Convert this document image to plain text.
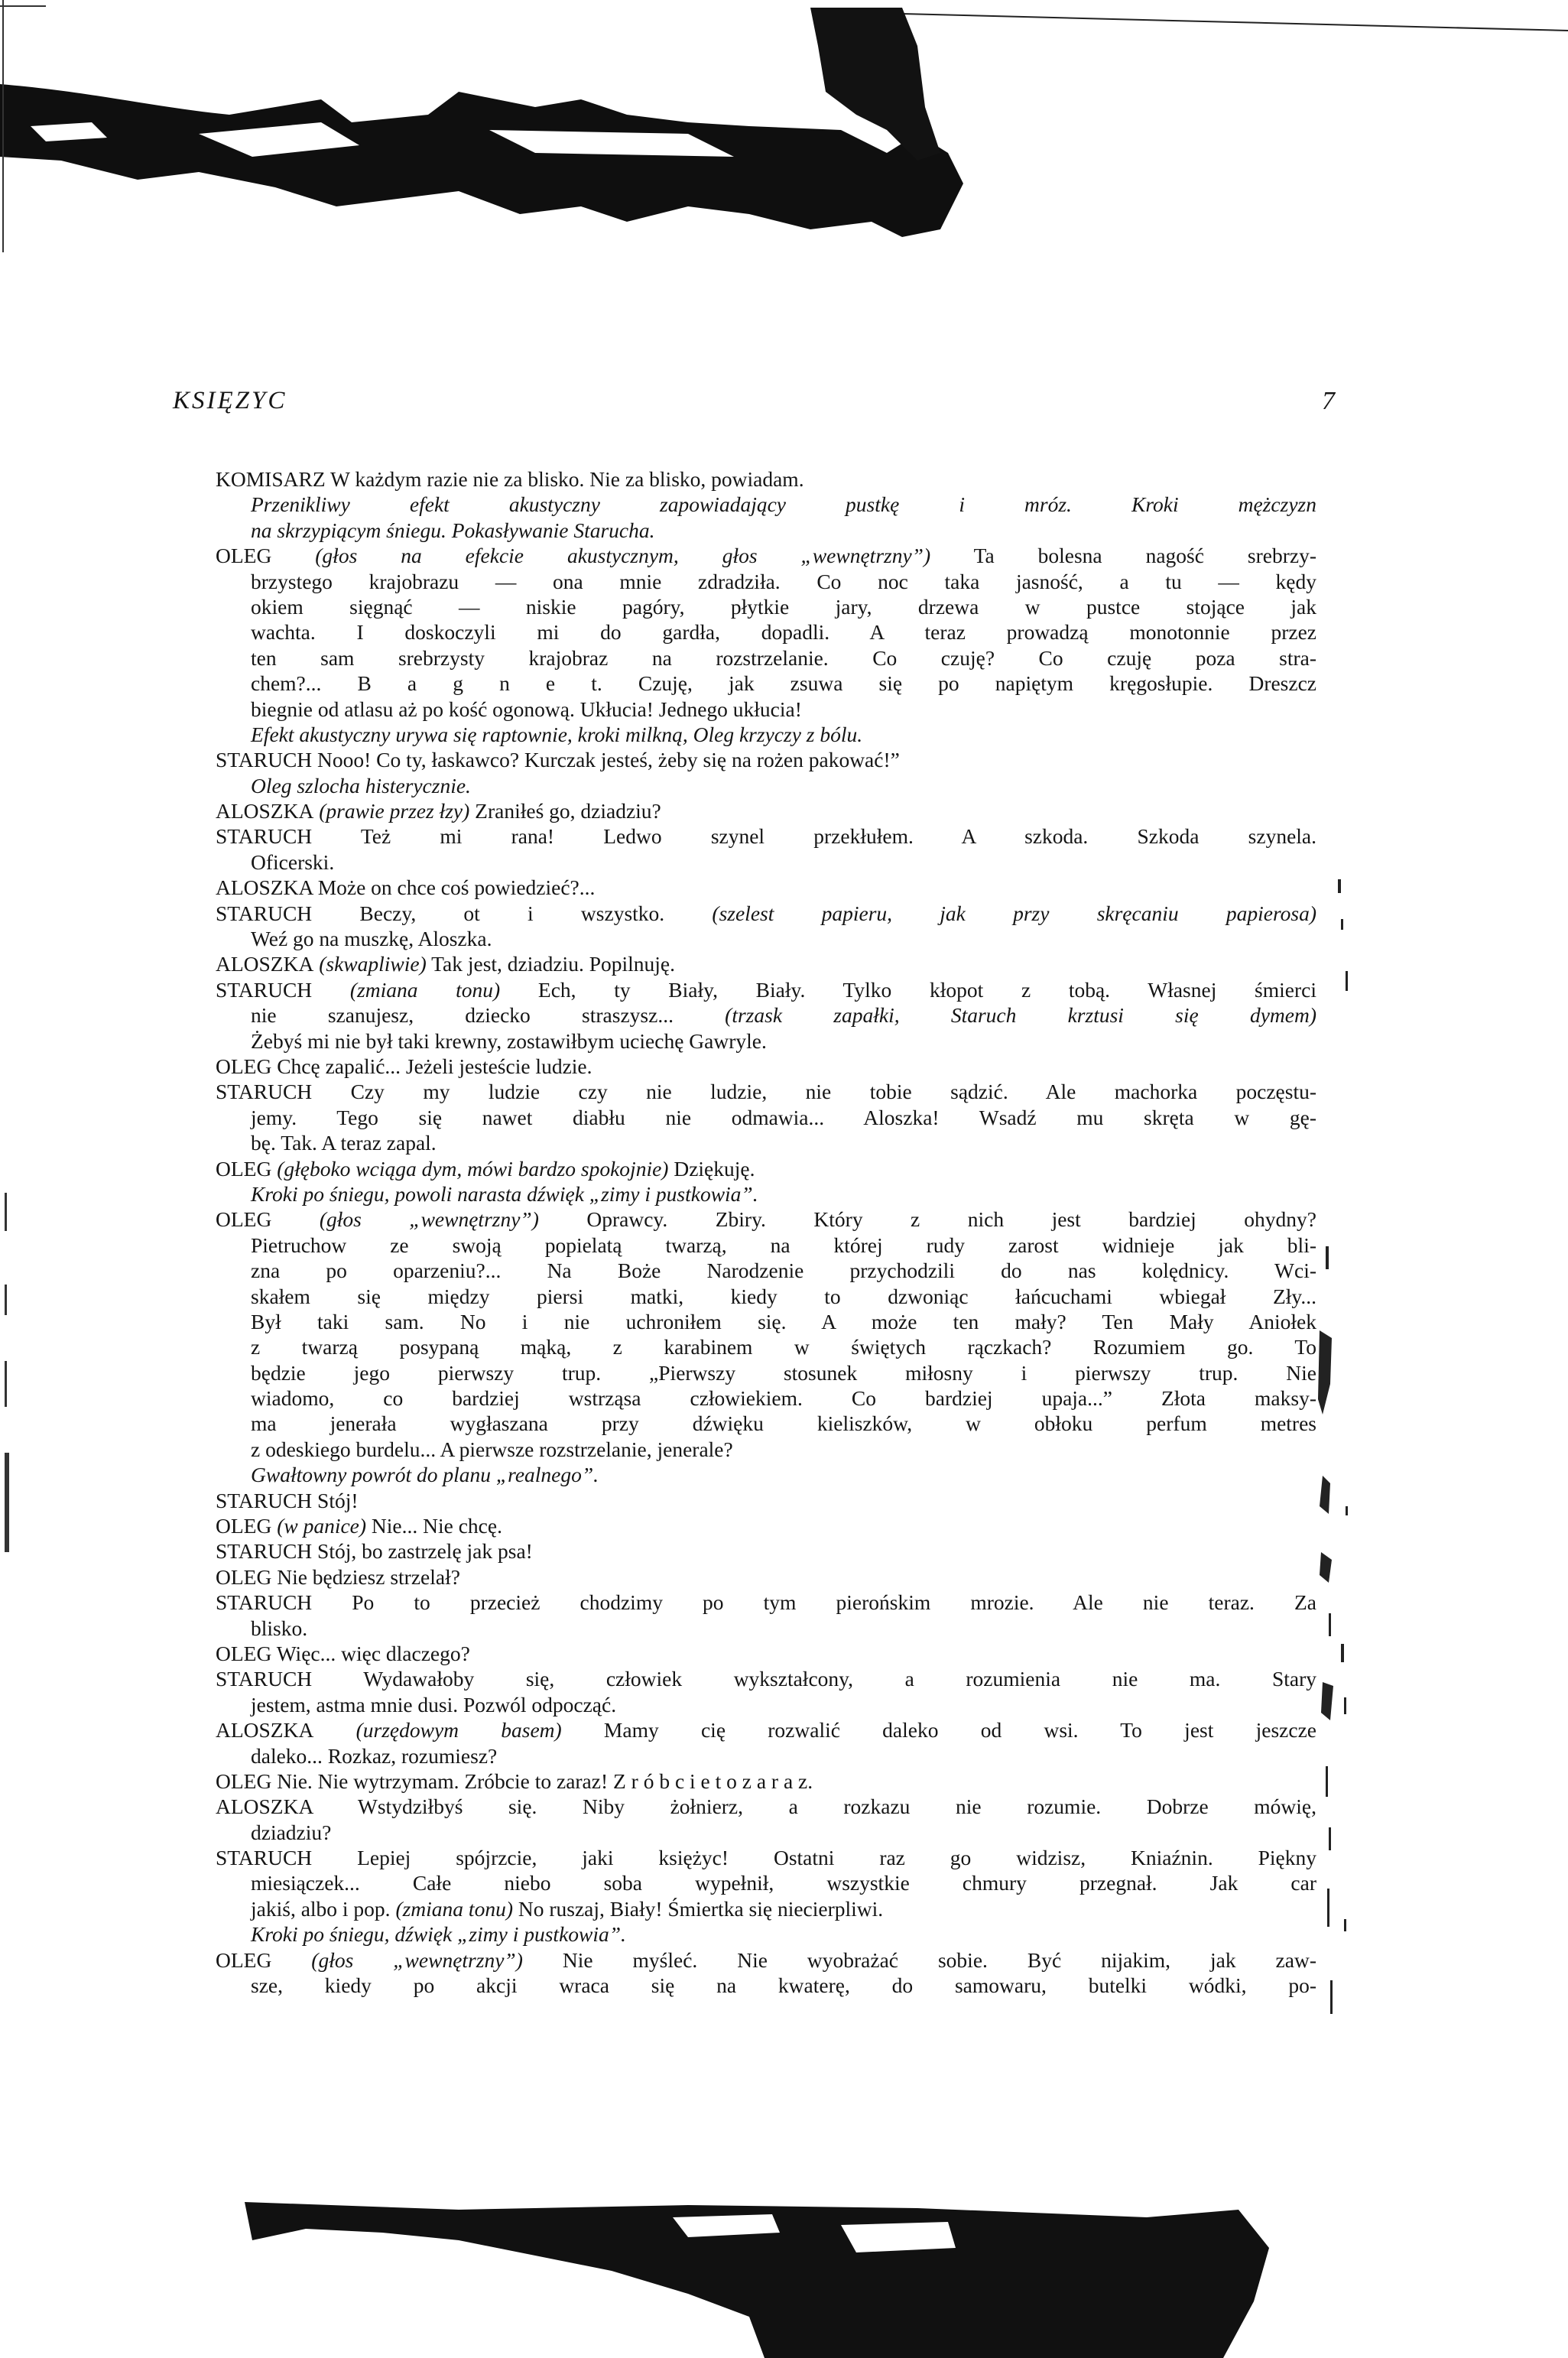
KSIĘZYC	7
KOMISARZ W każdym razie nie za blisko. Nie za blisko, powiadam.
Przenikliwy efekt akustyczny zapowiadający pustkę i mróz. Kroki mężczyzn
na skrzypiącym śniegu. Pokasływanie Starucha.
OLEG (głos na efekcie akustycznym, głos „wewnętrzny”) Ta bolesna nagość srebrzy-
brzystego krajobrazu — ona mnie zdradziła. Co noc taka jasność, a tu — kędy
okiem sięgnąć — niskie pagóry, płytkie jary, drzewa w pustce stojące jak
wachta. I doskoczyli mi do gardła, dopadli. A teraz prowadzą monotonnie przez
ten sam srebrzysty krajobraz na rozstrzelanie. Co czuję? Co czuję poza stra-
chem?... B a g n e t. Czuję, jak zsuwa się po napiętym kręgosłupie. Dreszcz
biegnie od atlasu aż po kość ogonową. Ukłucia! Jednego ukłucia!
Efekt akustyczny urywa się raptownie, kroki milkną, Oleg krzyczy z bólu.
STARUCH Nooo! Co ty, łaskawco? Kurczak jesteś, żeby się na rożen pakować!”
Oleg szlocha histerycznie.
ALOSZKA (prawie przez łzy) Zraniłeś go, dziadziu?
STARUCH Też mi rana! Ledwo szynel przekłułem. A szkoda. Szkoda szynela.
Oficerski.
ALOSZKA Może on chce coś powiedzieć?...
STARUCH Beczy, ot i wszystko. (szelest papieru, jak przy skręcaniu papierosa)
Weź go na muszkę, Aloszka.
ALOSZKA (skwapliwie) Tak jest, dziadziu. Popilnuję.
STARUCH (zmiana tonu) Ech, ty Biały, Biały. Tylko kłopot z tobą. Własnej śmierci
nie szanujesz, dziecko straszysz... (trzask zapałki, Staruch krztusi się dymem)
Żebyś mi nie był taki krewny, zostawiłbym uciechę Gawryle.
OLEG Chcę zapalić... Jeżeli jesteście ludzie.
STARUCH Czy my ludzie czy nie ludzie, nie tobie sądzić. Ale machorka poczęstu-
jemy. Tego się nawet diabłu nie odmawia... Aloszka! Wsadź mu skręta w gę-
bę. Tak. A teraz zapal.
OLEG (głęboko wciąga dym, mówi bardzo spokojnie) Dziękuję.
Kroki po śniegu, powoli narasta dźwięk „zimy i pustkowia”.
OLEG (głos „wewnętrzny”) Oprawcy. Zbiry. Który z nich jest bardziej ohydny?
Pietruchow ze swoją popielatą twarzą, na której rudy zarost widnieje jak bli-
zna po oparzeniu?... Na Boże Narodzenie przychodzili do nas kolędnicy. Wci-
skałem się między piersi matki, kiedy to dzwoniąc łańcuchami wbiegał Zły...
Był taki sam. No i nie uchroniłem się. A może ten mały? Ten Mały Aniołek
z twarzą posypaną mąką, z karabinem w świętych rączkach? Rozumiem go. To
będzie jego pierwszy trup. „Pierwszy stosunek miłosny i pierwszy trup. Nie
wiadomo, co bardziej wstrząsa człowiekiem. Co bardziej upaja...” Złota maksy-
ma jenerała wygłaszana przy dźwięku kieliszków, w obłoku perfum metres
z odeskiego burdelu... A pierwsze rozstrzelanie, jenerale?
Gwałtowny powrót do planu „realnego”.
STARUCH Stój!
OLEG (w panice) Nie... Nie chcę.
STARUCH Stój, bo zastrzelę jak psa!
OLEG Nie będziesz strzelał?
STARUCH Po to przecież chodzimy po tym pierońskim mrozie. Ale nie teraz. Za
blisko.
OLEG Więc... więc dlaczego?
STARUCH Wydawałoby się, człowiek wykształcony, a rozumienia nie ma. Stary
jestem, astma mnie dusi. Pozwól odpocząć.
ALOSZKA (urzędowym basem) Mamy cię rozwalić daleko od wsi. To jest jeszcze
daleko... Rozkaz, rozumiesz?
OLEG Nie. Nie wytrzymam. Zróbcie to zaraz! Z r ó b c i e t o z a r a z.
ALOSZKA Wstydziłbyś się. Niby żołnierz, a rozkazu nie rozumie. Dobrze mówię,
dziadziu?
STARUCH Lepiej spójrzcie, jaki księżyc! Ostatni raz go widzisz, Kniaźnin. Piękny
miesiączek... Całe niebo soba wypełnił, wszystkie chmury przegnał. Jak car
jakiś, albo i pop. (zmiana tonu) No ruszaj, Biały! Śmiertka się niecierpliwi.
Kroki po śniegu, dźwięk „zimy i pustkowia”.
OLEG (głos „wewnętrzny”) Nie myśleć. Nie wyobrażać sobie. Być nijakim, jak zaw-
sze, kiedy po akcji wraca się na kwaterę, do samowaru, butelki wódki, po-
